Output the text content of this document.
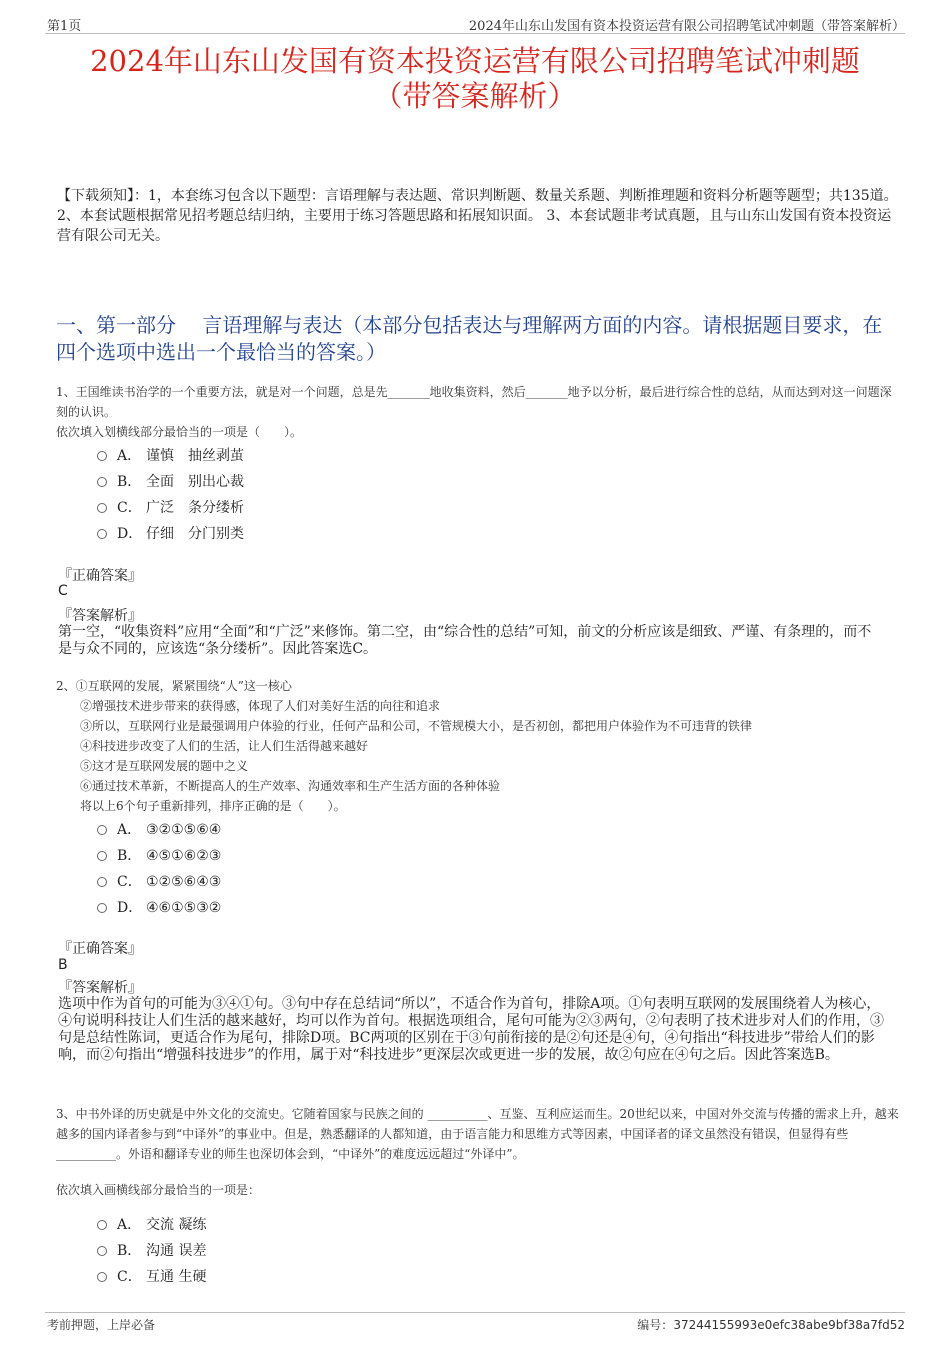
第1页	2024年山东山发国有资本投资运营有限公司招聘笔试冲刺题（带答案解析）
2024年山东山发国有资本投资运营有限公司招聘笔试冲刺题
（带答案解析）
【下载须知】：1，本套练习包含以下题型：言语理解与表达题、常识判断题、数量关系题、判断推理题和资料分析题等题型；共135道。 2、本套试题根据常见招考题总结归纳，主要用于练习答题思路和拓展知识面。 3、本套试题非考试真题，且与山东山发国有资本投资运营有限公司无关。
一、第一部分　 言语理解与表达（本部分包括表达与理解两方面的内容。请根据题目要求，在四个选项中选出一个最恰当的答案。）
1、王国维读书治学的一个重要方法，就是对一个问题，总是先_______地收集资料，然后_______地予以分析，最后进行综合性的总结，从而达到对这一问题深刻的认识。
依次填入划横线部分最恰当的一项是（　　）。
A． 谨慎　抽丝剥茧
B． 全面　别出心裁
C． 广泛　条分缕析
D． 仔细　分门别类
『正确答案』
C
『答案解析』
第一空，“收集资料”应用“全面”和“广泛”来修饰。第二空，由“综合性的总结”可知，前文的分析应该是细致、严谨、有条理的，而不是与众不同的，应该选“条分缕析”。因此答案选C。
2、①互联网的发展，紧紧围绕“人”这一核心
②增强技术进步带来的获得感，体现了人们对美好生活的向往和追求
③所以，互联网行业是最强调用户体验的行业，任何产品和公司，不管规模大小，是否初创，都把用户体验作为不可违背的铁律
④科技进步改变了人们的生活，让人们生活得越来越好
⑤这才是互联网发展的题中之义
⑥通过技术革新，不断提高人的生产效率、沟通效率和生产生活方面的各种体验
将以上6个句子重新排列，排序正确的是（　　）。
A． ③②①⑤⑥④
B． ④⑤①⑥②③
C． ①②⑤⑥④③
D． ④⑥①⑤③②
『正确答案』
B
『答案解析』
选项中作为首句的可能为③④①句。③句中存在总结词“所以”，不适合作为首句，排除A项。①句表明互联网的发展围绕着人为核心，④句说明科技让人们生活的越来越好，均可以作为首句。根据选项组合，尾句可能为②③两句，②句表明了技术进步对人们的作用，③句是总结性陈词，更适合作为尾句，排除D项。BC两项的区别在于③句前衔接的是②句还是④句，④句指出“科技进步”带给人们的影响，而②句指出“增强科技进步”的作用，属于对“科技进步”更深层次或更进一步的发展，故②句应在④句之后。因此答案选B。
3、中书外译的历史就是中外文化的交流史。它随着国家与民族之间的 __________、互鉴、互利应运而生。20世纪以来，中国对外交流与传播的需求上升，越来越多的国内译者参与到“中译外”的事业中。但是，熟悉翻译的人都知道，由于语言能力和思维方式等因素，中国译者的译文虽然没有错误，但显得有些 __________。外语和翻译专业的师生也深切体会到，“中译外”的难度远远超过“外译中”。
依次填入画横线部分最恰当的一项是：
A． 交流 凝练
B． 沟通 误差
C． 互通 生硬
考前押题，上岸必备	编号：37244155993e0efc38abe9bf38a7fd52
